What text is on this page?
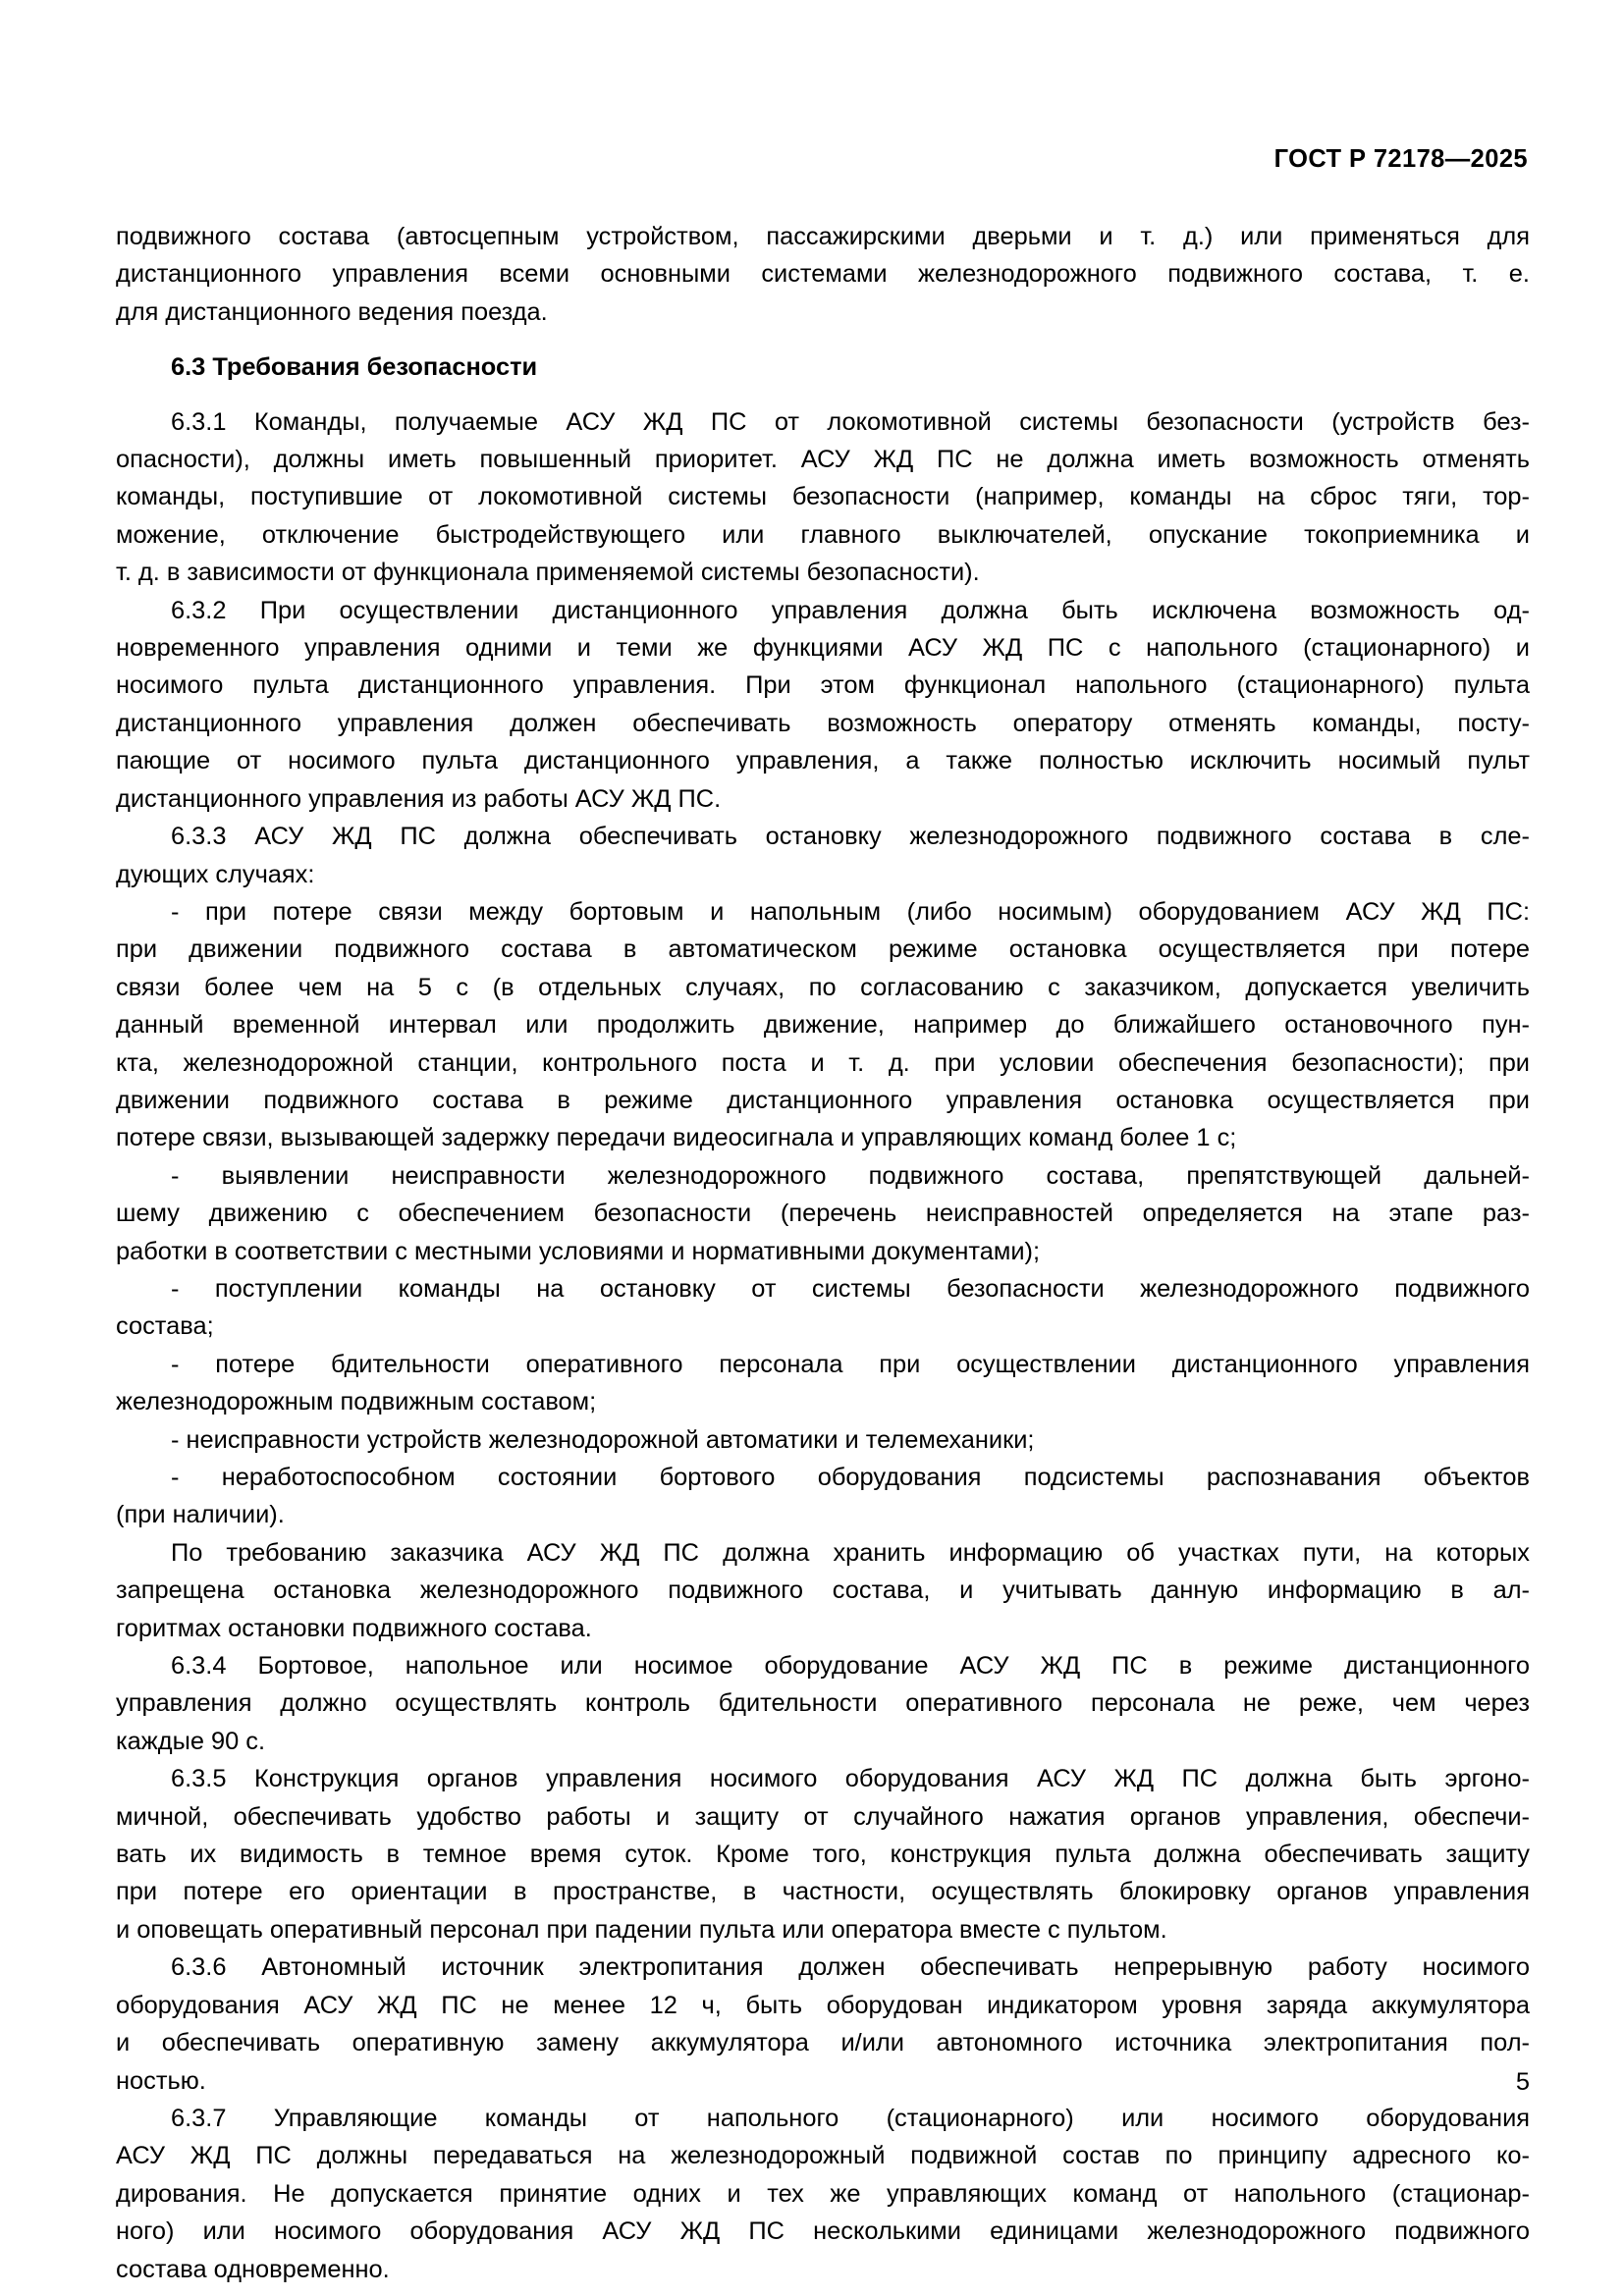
ГОСТ Р 72178—2025

подвижного состава (автосцепным устройством, пассажирскими дверьми и т. д.) или применяться для
дистанционного управления всеми основными системами железнодорожного подвижного состава, т. е.
для дистанционного ведения поезда.

6.3 Требования безопасности

6.3.1 Команды, получаемые АСУ ЖД ПС от локомотивной системы безопасности (устройств без-
опасности), должны иметь повышенный приоритет. АСУ ЖД ПС не должна иметь возможность отменять
команды, поступившие от локомотивной системы безопасности (например, команды на сброс тяги, тор-
можение, отключение быстродействующего или главного выключателей, опускание токоприемника и
т. д. в зависимости от функционала применяемой системы безопасности).

6.3.2 При осуществлении дистанционного управления должна быть исключена возможность од-
новременного управления одними и теми же функциями АСУ ЖД ПС с напольного (стационарного) и
носимого пульта дистанционного управления. При этом функционал напольного (стационарного) пульта
дистанционного управления должен обеспечивать возможность оператору отменять команды, посту-
пающие от носимого пульта дистанционного управления, а также полностью исключить носимый пульт
дистанционного управления из работы АСУ ЖД ПС.

6.3.3 АСУ ЖД ПС должна обеспечивать остановку железнодорожного подвижного состава в сле-
дующих случаях:

- при потере связи между бортовым и напольным (либо носимым) оборудованием АСУ ЖД ПС:
при движении подвижного состава в автоматическом режиме остановка осуществляется при потере
связи более чем на 5 с (в отдельных случаях, по согласованию с заказчиком, допускается увеличить
данный временной интервал или продолжить движение, например до ближайшего остановочного пун-
кта, железнодорожной станции, контрольного поста и т. д. при условии обеспечения безопасности); при
движении подвижного состава в режиме дистанционного управления остановка осуществляется при
потере связи, вызывающей задержку передачи видеосигнала и управляющих команд более 1 с;

- выявлении неисправности железнодорожного подвижного состава, препятствующей дальней-
шему движению с обеспечением безопасности (перечень неисправностей определяется на этапе раз-
работки в соответствии с местными условиями и нормативными документами);

- поступлении команды на остановку от системы безопасности железнодорожного подвижного
состава;

- потере бдительности оперативного персонала при осуществлении дистанционного управления
железнодорожным подвижным составом;

- неисправности устройств железнодорожной автоматики и телемеханики;

- неработоспособном состоянии бортового оборудования подсистемы распознавания объектов
(при наличии).

По требованию заказчика АСУ ЖД ПС должна хранить информацию об участках пути, на которых
запрещена остановка железнодорожного подвижного состава, и учитывать данную информацию в ал-
горитмах остановки подвижного состава.

6.3.4 Бортовое, напольное или носимое оборудование АСУ ЖД ПС в режиме дистанционного
управления должно осуществлять контроль бдительности оперативного персонала не реже, чем через
каждые 90 с.

6.3.5 Конструкция органов управления носимого оборудования АСУ ЖД ПС должна быть эргоно-
мичной, обеспечивать удобство работы и защиту от случайного нажатия органов управления, обеспечи-
вать их видимость в темное время суток. Кроме того, конструкция пульта должна обеспечивать защиту
при потере его ориентации в пространстве, в частности, осуществлять блокировку органов управления
и оповещать оперативный персонал при падении пульта или оператора вместе с пультом.

6.3.6 Автономный источник электропитания должен обеспечивать непрерывную работу носимого
оборудования АСУ ЖД ПС не менее 12 ч, быть оборудован индикатором уровня заряда аккумулятора
и обеспечивать оперативную замену аккумулятора и/или автономного источника электропитания пол-
ностью.

6.3.7 Управляющие команды от напольного (стационарного) или носимого оборудования
АСУ ЖД ПС должны передаваться на железнодорожный подвижной состав по принципу адресного ко-
дирования. Не допускается принятие одних и тех же управляющих команд от напольного (стационар-
ного) или носимого оборудования АСУ ЖД ПС несколькими единицами железнодорожного подвижного
состава одновременно.

5
